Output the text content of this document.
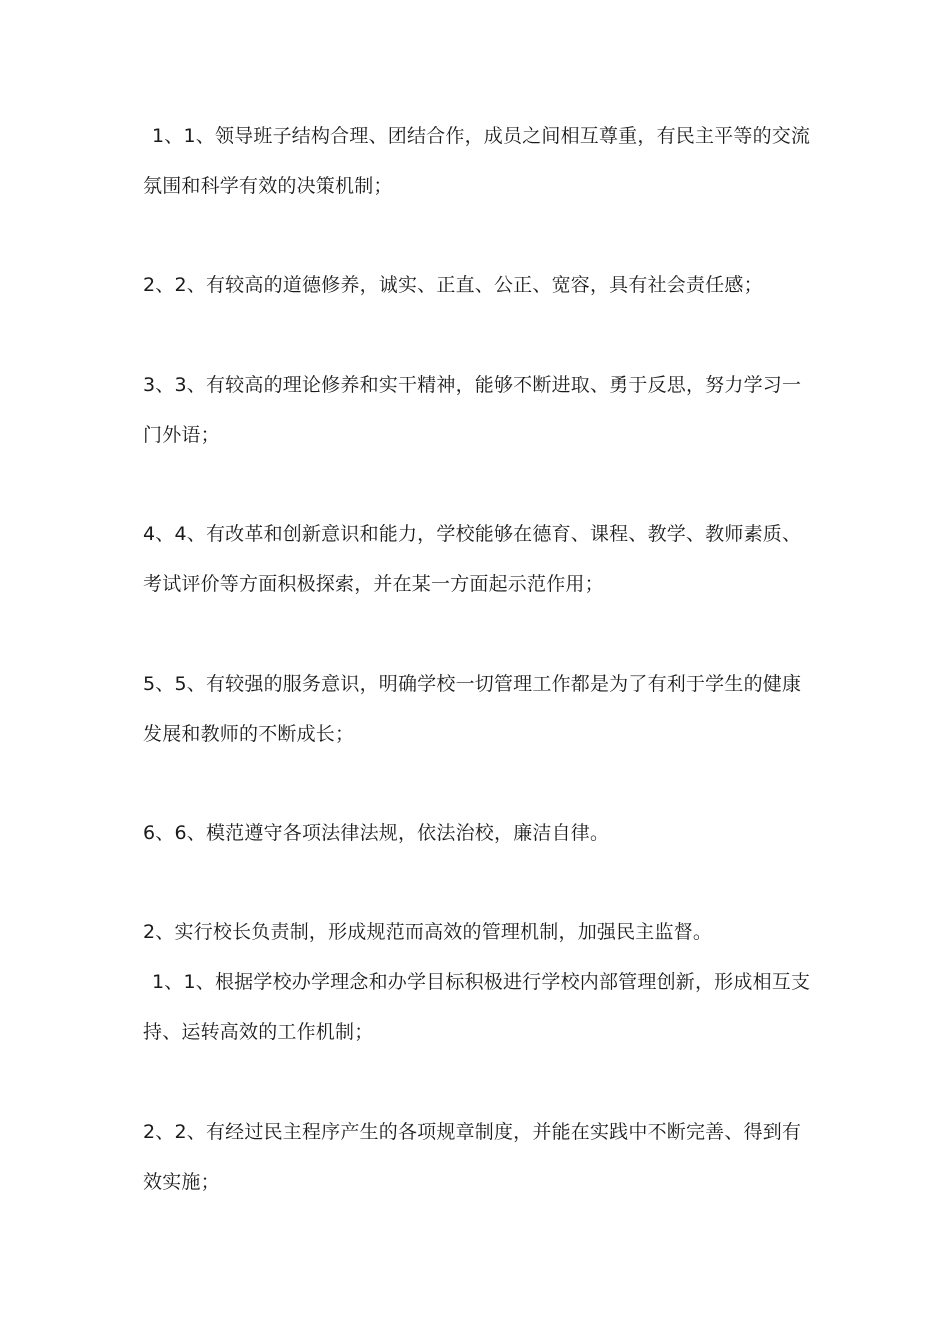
1、1、领导班子结构合理、团结合作，成员之间相互尊重，有民主平等的交流
氛围和科学有效的决策机制；
2、2、有较高的道德修养，诚实、正直、公正、宽容，具有社会责任感；
3、3、有较高的理论修养和实干精神，能够不断进取、勇于反思，努力学习一
门外语；
4、4、有改革和创新意识和能力，学校能够在德育、课程、教学、教师素质、
考试评价等方面积极探索，并在某一方面起示范作用；
5、5、有较强的服务意识，明确学校一切管理工作都是为了有利于学生的健康
发展和教师的不断成长；
6、6、模范遵守各项法律法规，依法治校，廉洁自律。
2、实行校长负责制，形成规范而高效的管理机制，加强民主监督。
1、1、根据学校办学理念和办学目标积极进行学校内部管理创新，形成相互支
持、运转高效的工作机制；
2、2、有经过民主程序产生的各项规章制度，并能在实践中不断完善、得到有
效实施；
